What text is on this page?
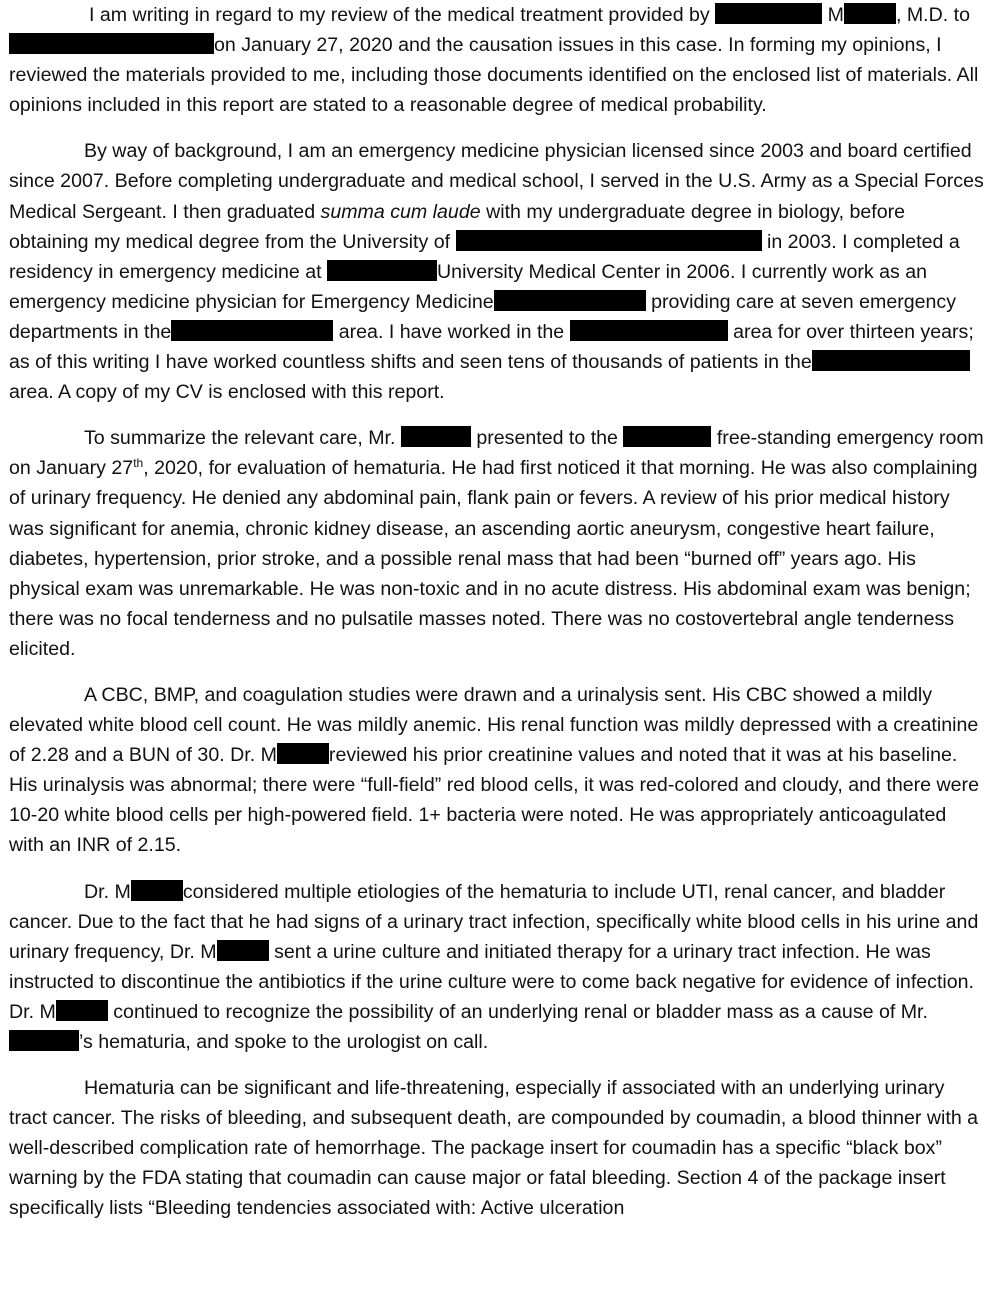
I am writing in regard to my review of the medical treatment provided by	M	, M.D. to on January 27, 2020 and the causation issues in this case. In forming my opinions, I reviewed the materials provided to me, including those documents identified on the enclosed list of materials. All opinions included in this report are stated to a reasonable degree of medical probability.

By way of background, I am an emergency medicine physician licensed since 2003 and board certified since 2007. Before completing undergraduate and medical school, I served in the U.S. Army as a Special Forces Medical Sergeant. I then graduated summa cum laude with my undergraduate degree in biology, before obtaining my medical degree from the University of	in 2003. I completed a residency in emergency medicine at	University Medical Center in 2006. I currently work as an emergency medicine physician for Emergency Medicine	providing care at seven emergency departments in the	area. I have worked in the	area for over thirteen years; as of this writing I have worked countless shifts and seen tens of thousands of patients in the area. A copy of my CV is enclosed with this report.

To summarize the relevant care, Mr.	presented to the	free-standing emergency room on January 27th, 2020, for evaluation of hematuria. He had first noticed it that morning. He was also complaining of urinary frequency. He denied any abdominal pain, flank pain or fevers. A review of his prior medical history was significant for anemia, chronic kidney disease, an ascending aortic aneurysm, congestive heart failure, diabetes, hypertension, prior stroke, and a possible renal mass that had been “burned off” years ago. His physical exam was unremarkable. He was non-toxic and in no acute distress. His abdominal exam was benign; there was no focal tenderness and no pulsatile masses noted. There was no costovertebral angle tenderness elicited.

A CBC, BMP, and coagulation studies were drawn and a urinalysis sent. His CBC showed a mildly elevated white blood cell count. He was mildly anemic. His renal function was mildly depressed with a creatinine of 2.28 and a BUN of 30. Dr. M	reviewed his prior creatinine values and noted that it was at his baseline. His urinalysis was abnormal; there were “full-field” red blood cells, it was red-colored and cloudy, and there were 10-20 white blood cells per high-powered field. 1+ bacteria were noted. He was appropriately anticoagulated with an INR of 2.15.

Dr. M	considered multiple etiologies of the hematuria to include UTI, renal cancer, and bladder cancer. Due to the fact that he had signs of a urinary tract infection, specifically white blood cells in his urine and urinary frequency, Dr. M	sent a urine culture and initiated therapy for a urinary tract infection. He was instructed to discontinue the antibiotics if the urine culture were to come back negative for evidence of infection. Dr. M	continued to recognize the possibility of an underlying renal or bladder mass as a cause of Mr. ’s hematuria, and spoke to the urologist on call.

Hematuria can be significant and life-threatening, especially if associated with an underlying urinary tract cancer. The risks of bleeding, and subsequent death, are compounded by coumadin, a blood thinner with a well-described complication rate of hemorrhage. The package insert for coumadin has a specific “black box” warning by the FDA stating that coumadin can cause major or fatal bleeding. Section 4 of the package insert specifically lists “Bleeding tendencies associated with: Active ulceration
